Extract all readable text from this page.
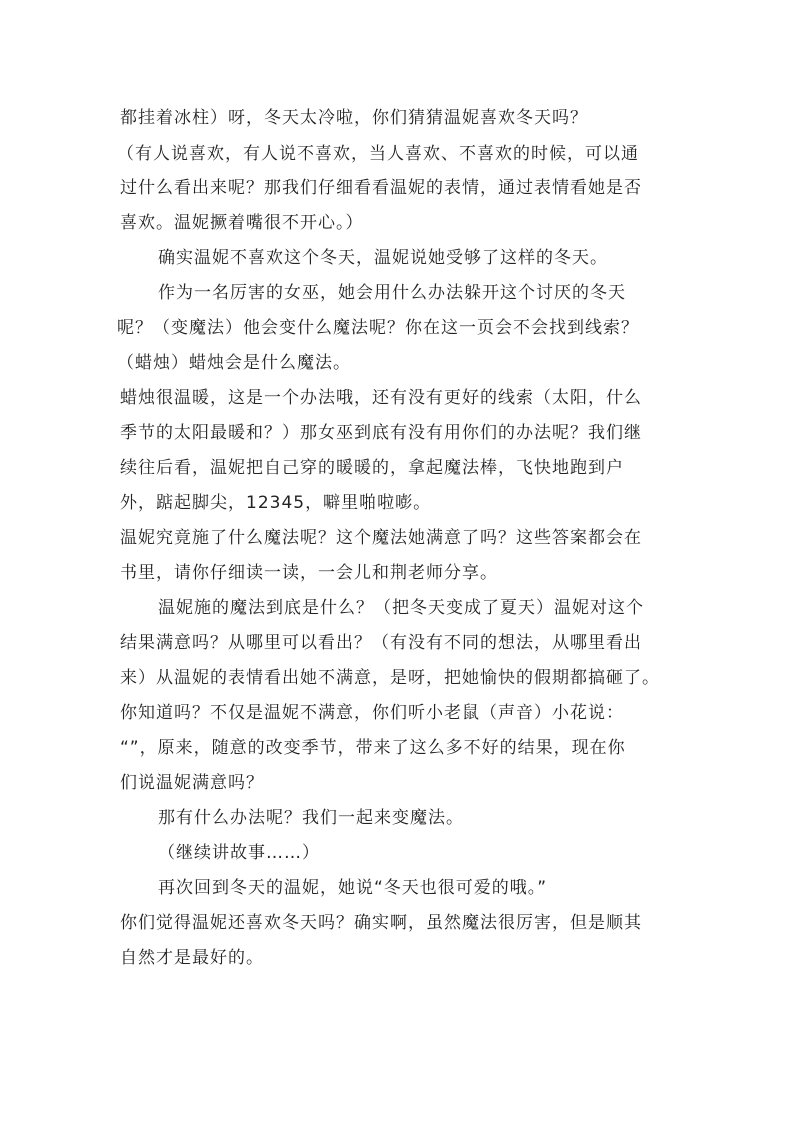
都挂着冰柱）呀，冬天太冷啦，你们猜猜温妮喜欢冬天吗？
（有人说喜欢，有人说不喜欢，当人喜欢、不喜欢的时候，可以通
过什么看出来呢？那我们仔细看看温妮的表情，通过表情看她是否
喜欢。温妮撅着嘴很不开心。）
确实温妮不喜欢这个冬天，温妮说她受够了这样的冬天。
作为一名厉害的女巫，她会用什么办法躲开这个讨厌的冬天
呢？（变魔法）他会变什么魔法呢？你在这一页会不会找到线索？
（蜡烛）蜡烛会是什么魔法。
蜡烛很温暖，这是一个办法哦，还有没有更好的线索（太阳，什么
季节的太阳最暖和？）那女巫到底有没有用你们的办法呢？我们继
续往后看，温妮把自己穿的暖暖的，拿起魔法棒，飞快地跑到户
外，踮起脚尖，12345，噼里啪啦嘭。
温妮究竟施了什么魔法呢？这个魔法她满意了吗？这些答案都会在
书里，请你仔细读一读，一会儿和荆老师分享。
温妮施的魔法到底是什么？（把冬天变成了夏天）温妮对这个
结果满意吗？从哪里可以看出？（有没有不同的想法，从哪里看出
来）从温妮的表情看出她不满意，是呀，把她愉快的假期都搞砸了。
你知道吗？不仅是温妮不满意，你们听小老鼠（声音）小花说：
“”，原来，随意的改变季节，带来了这么多不好的结果，现在你
们说温妮满意吗？
那有什么办法呢？我们一起来变魔法。
（继续讲故事……）
再次回到冬天的温妮，她说“冬天也很可爱的哦。”
你们觉得温妮还喜欢冬天吗？确实啊，虽然魔法很厉害，但是顺其
自然才是最好的。
